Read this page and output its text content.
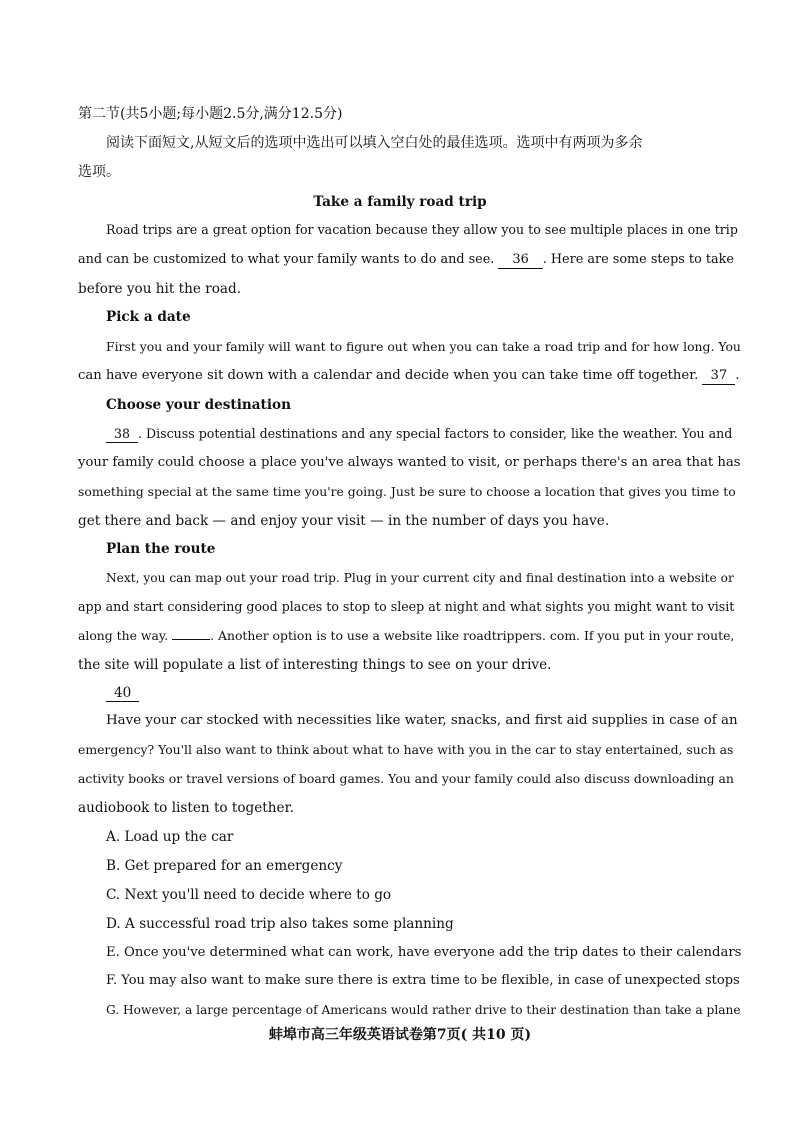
第二节(共5小题;每小题2.5分,满分12.5分)
阅读下面短文,从短文后的选项中选出可以填入空白处的最佳选项。选项中有两项为多余
选项。
Take a family road trip
Road trips are a great option for vacation because they allow you to see multiple places in one trip
and can be customized to what your family wants to do and see. 36 . Here are some steps to take
before you hit the road.
Pick a date
First you and your family will want to figure out when you can take a road trip and for how long. You
can have everyone sit down with a calendar and decide when you can take time off together. 37 .
Choose your destination
38 . Discuss potential destinations and any special factors to consider, like the weather. You and
your family could choose a place you've always wanted to visit, or perhaps there's an area that has
something special at the same time you're going. Just be sure to choose a location that gives you time to
get there and back — and enjoy your visit — in the number of days you have.
Plan the route
Next, you can map out your road trip. Plug in your current city and final destination into a website or
app and start considering good places to stop to sleep at night and what sights you might want to visit
along the way.	. Another option is to use a website like roadtrippers. com. If you put in your route,
the site will populate a list of interesting things to see on your drive.
40
Have your car stocked with necessities like water, snacks, and first aid supplies in case of an
emergency? You'll also want to think about what to have with you in the car to stay entertained, such as
activity books or travel versions of board games. You and your family could also discuss downloading an
audiobook to listen to together.
A. Load up the car
B. Get prepared for an emergency
C. Next you'll need to decide where to go
D. A successful road trip also takes some planning
E. Once you've determined what can work, have everyone add the trip dates to their calendars
F. You may also want to make sure there is extra time to be flexible, in case of unexpected stops
G. However, a large percentage of Americans would rather drive to their destination than take a plane
蚌埠市高三年级英语试卷第7页( 共10 页)
